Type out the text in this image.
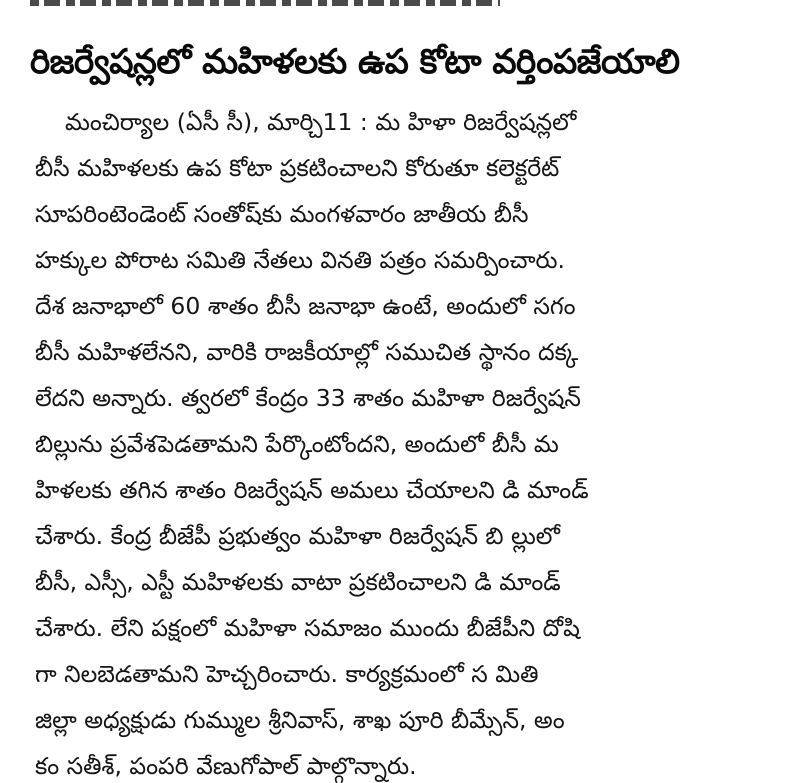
రిజర్వేషన్లలో మహిళలకు ఉప కోటా వర్తింపజేయాలి
మంచిర్యాల (ఏసీ సీ), మార్చి11 : మ హిళా రిజర్వేషన్లలో
బీసీ మహిళలకు ఉప కోటా ప్రకటించాలని కోరుతూ కలెక్టరేట్
సూపరింటెండెంట్ సంతోష్‌కు మంగళవారం జాతీయ బీసీ
హక్కుల పోరాట సమితి నేతలు వినతి పత్రం సమర్పించారు.
దేశ జనాభాలో 60 శాతం బీసీ జనాభా ఉంటే, అందులో సగం
బీసీ మహిళలేనని, వారికి రాజకీయాల్లో సముచిత స్థానం దక్క
లేదని అన్నారు. త్వరలో కేంద్రం 33 శాతం మహిళా రిజర్వేషన్
బిల్లును ప్రవేశపెడతామని పేర్కొంటోందని, అందులో బీసీ మ
హిళలకు తగిన శాతం రిజర్వేషన్ అమలు చేయాలని డి మాండ్
చేశారు. కేంద్ర బీజేపీ ప్రభుత్వం మహిళా రిజర్వేషన్ బి ల్లులో
బీసీ, ఎస్సీ, ఎస్టీ మహిళలకు వాటా ప్రకటించాలని డి మాండ్
చేశారు. లేని పక్షంలో మహిళా సమాజం ముందు బీజేపీని దోషి
గా నిలబెడతామని హెచ్చరించారు. కార్యక్రమంలో స మితి
జిల్లా అధ్యక్షుడు గుమ్ముల శ్రీనివాస్, శాఖ పూరి బీమ్సేన్, అం
కం సతీశ్, పంపరి వేణుగోపాల్ పాల్గొన్నారు.
